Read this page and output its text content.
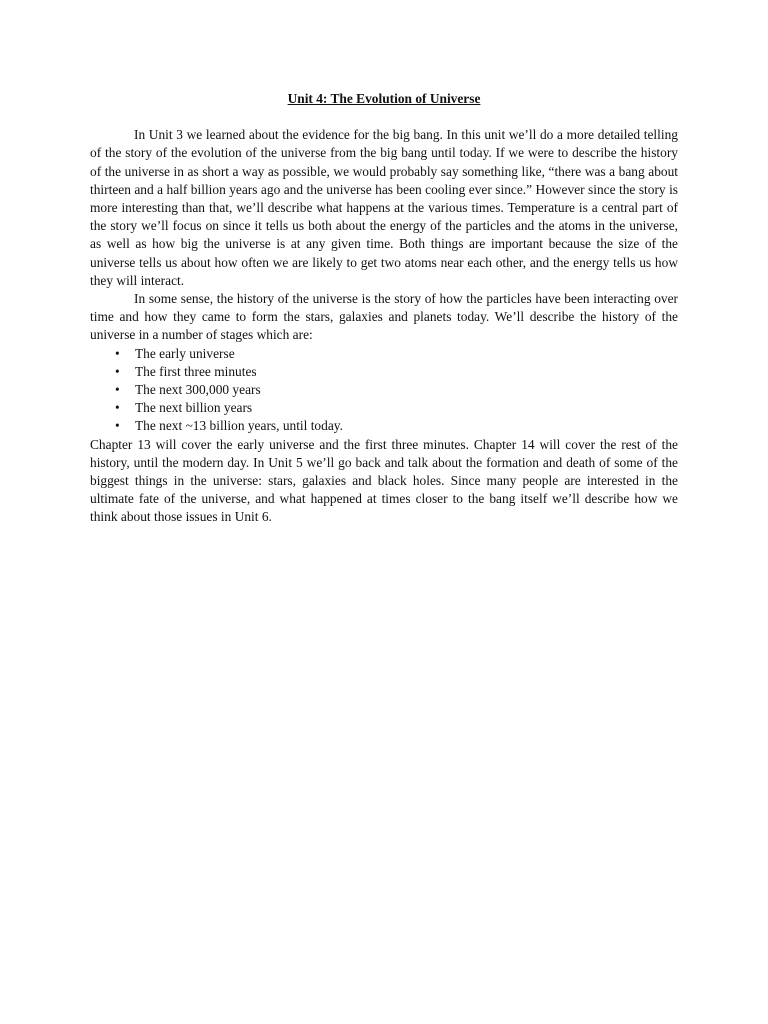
Unit 4: The Evolution of Universe

In Unit 3 we learned about the evidence for the big bang. In this unit we’ll do a more detailed telling of the story of the evolution of the universe from the big bang until today. If we were to describe the history of the universe in as short a way as possible, we would probably say something like, “there was a bang about thirteen and a half billion years ago and the universe has been cooling ever since.” However since the story is more interesting than that, we’ll describe what happens at the various times. Temperature is a central part of the story we’ll focus on since it tells us both about the energy of the particles and the atoms in the universe, as well as how big the universe is at any given time. Both things are important because the size of the universe tells us about how often we are likely to get two atoms near each other, and the energy tells us how they will interact.

In some sense, the history of the universe is the story of how the particles have been interacting over time and how they came to form the stars, galaxies and planets today. We’ll describe the history of the universe in a number of stages which are:

• The early universe
• The first three minutes
• The next 300,000 years
• The next billion years
• The next ~13 billion years, until today.

Chapter 13 will cover the early universe and the first three minutes. Chapter 14 will cover the rest of the history, until the modern day. In Unit 5 we’ll go back and talk about the formation and death of some of the biggest things in the universe: stars, galaxies and black holes. Since many people are interested in the ultimate fate of the universe, and what happened at times closer to the bang itself we’ll describe how we think about those issues in Unit 6.
